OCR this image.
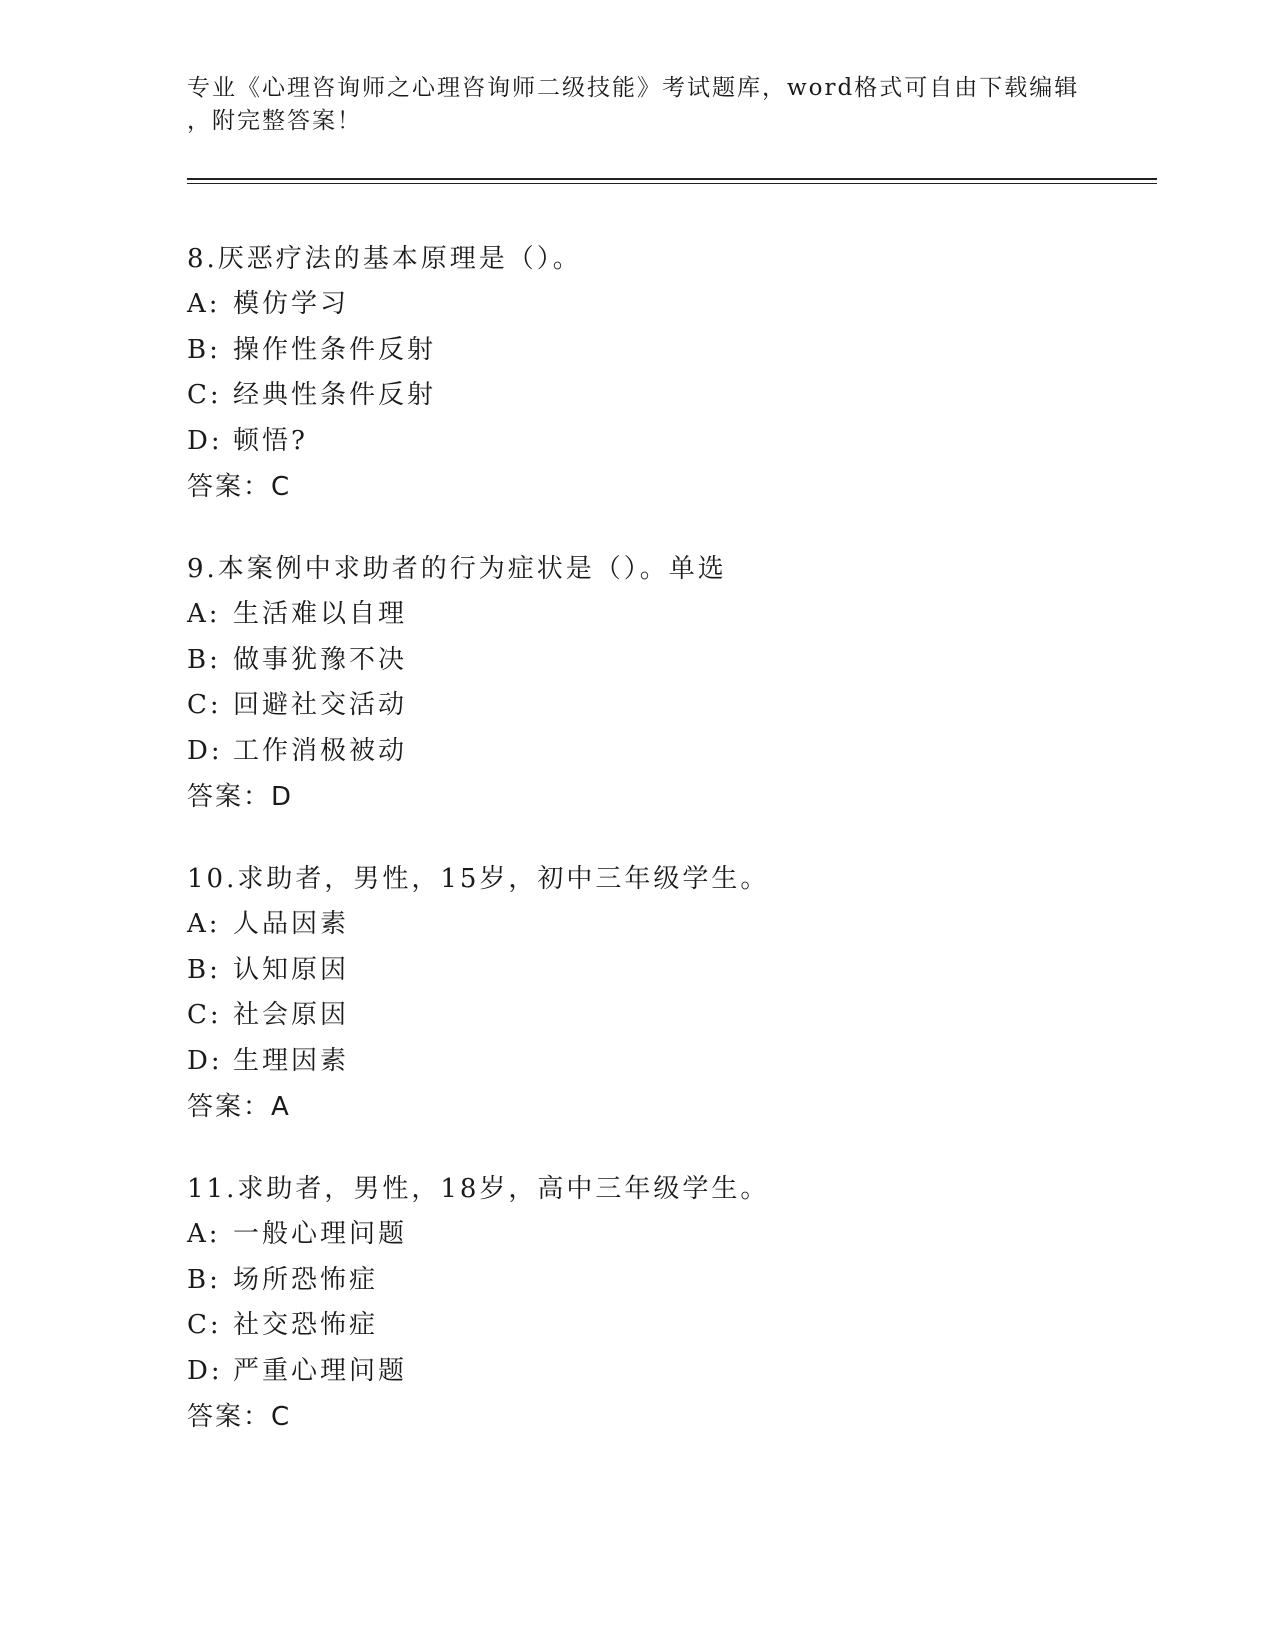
专业《心理咨询师之心理咨询师二级技能》考试题库，word格式可自由下载编辑
，附完整答案！

8.厌恶疗法的基本原理是（）。

A: 模仿学习

B: 操作性条件反射

C: 经典性条件反射

D: 顿悟?

答案：C

9.本案例中求助者的行为症状是（）。单选

A: 生活难以自理

B: 做事犹豫不决

C: 回避社交活动

D: 工作消极被动

答案：D

10.求助者，男性，15岁，初中三年级学生。

A: 人品因素

B: 认知原因

C: 社会原因

D: 生理因素

答案：A

11.求助者，男性，18岁，高中三年级学生。

A: 一般心理问题

B: 场所恐怖症

C: 社交恐怖症

D: 严重心理问题

答案：C
